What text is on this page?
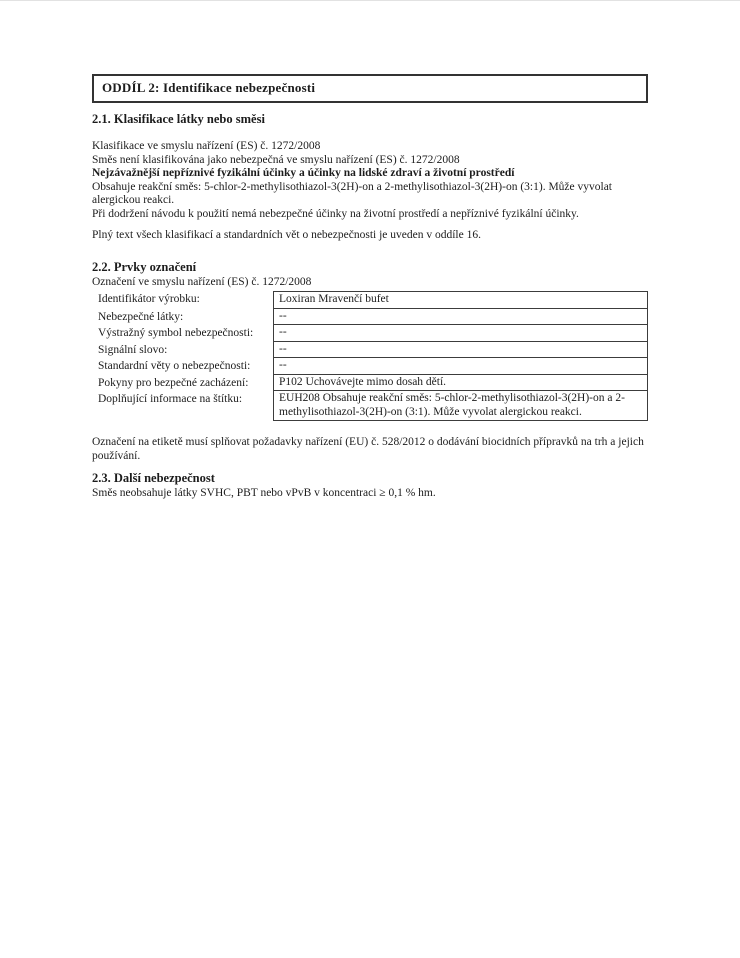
ODDÍL 2: Identifikace nebezpečnosti
2.1. Klasifikace látky nebo směsi
Klasifikace ve smyslu nařízení (ES) č. 1272/2008
Směs není klasifikována jako nebezpečná ve smyslu nařízení (ES) č. 1272/2008
Nejzávažnější nepříznivé fyzikální účinky a účinky na lidské zdraví a životní prostředí

Obsahuje reakční směs: 5-chlor-2-methylisothiazol-3(2H)-on a 2-methylisothiazol-3(2H)-on (3:1). Může vyvolat alergickou reakci.

Při dodržení návodu k použití nemá nebezpečné účinky na životní prostředí a nepříznivé fyzikální účinky.

Plný text všech klasifikací a standardních vět o nebezpečnosti je uveden v oddíle 16.

2.2. Prvky označení
Označení ve smyslu nařízení (ES) č. 1272/2008
Identifikátor výrobku:	Loxiran Mravenčí bufet
Nebezpečné látky:	--
Výstražný symbol nebezpečnosti:	--
Signální slovo:	--
Standardní věty o nebezpečnosti:	--
Pokyny pro bezpečné zacházení:	P102 Uchovávejte mimo dosah dětí.
Doplňující informace na štítku:	EUH208 Obsahuje reakční směs: 5-chlor-2-methylisothiazol-3(2H)-on a 2-methylisothiazol-3(2H)-on (3:1). Může vyvolat alergickou reakci.

Označení na etiketě musí splňovat požadavky nařízení (EU) č. 528/2012 o dodávání biocidních přípravků na trh a jejich používání.

2.3. Další nebezpečnost

Směs neobsahuje látky SVHC, PBT nebo vPvB v koncentraci ≥ 0,1 % hm.
